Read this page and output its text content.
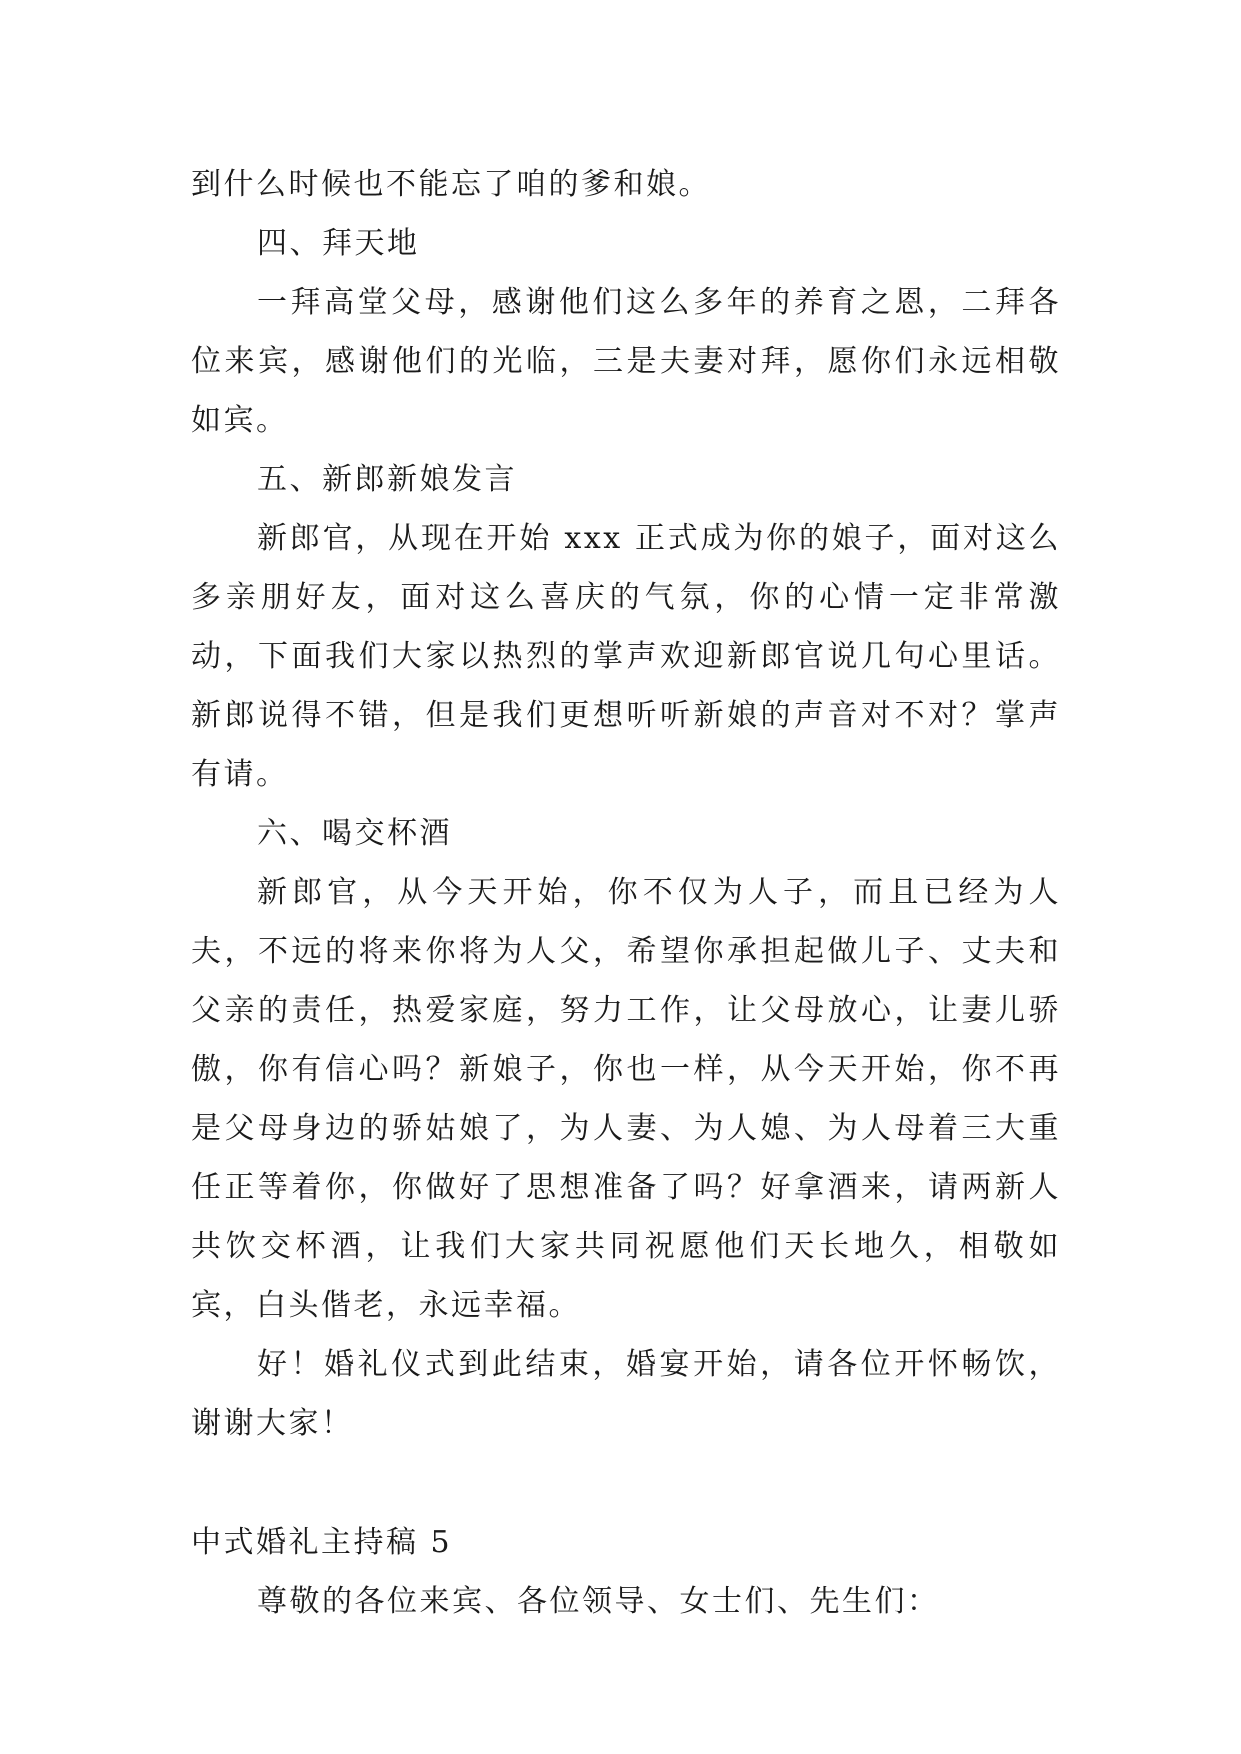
到什么时候也不能忘了咱的爹和娘。

四、拜天地

一拜高堂父母，感谢他们这么多年的养育之恩，二拜各位来宾，感谢他们的光临，三是夫妻对拜，愿你们永远相敬如宾。

五、新郎新娘发言

新郎官，从现在开始 xxx 正式成为你的娘子，面对这么多亲朋好友，面对这么喜庆的气氛，你的心情一定非常激动，下面我们大家以热烈的掌声欢迎新郎官说几句心里话。新郎说得不错，但是我们更想听听新娘的声音对不对？掌声有请。

六、喝交杯酒

新郎官，从今天开始，你不仅为人子，而且已经为人夫，不远的将来你将为人父，希望你承担起做儿子、丈夫和父亲的责任，热爱家庭，努力工作，让父母放心，让妻儿骄傲，你有信心吗？新娘子，你也一样，从今天开始，你不再是父母身边的骄姑娘了，为人妻、为人媳、为人母着三大重任正等着你，你做好了思想准备了吗？好拿酒来，请两新人共饮交杯酒，让我们大家共同祝愿他们天长地久，相敬如宾，白头偕老，永远幸福。

好！婚礼仪式到此结束，婚宴开始，请各位开怀畅饮，谢谢大家！

中式婚礼主持稿 5

尊敬的各位来宾、各位领导、女士们、先生们：
